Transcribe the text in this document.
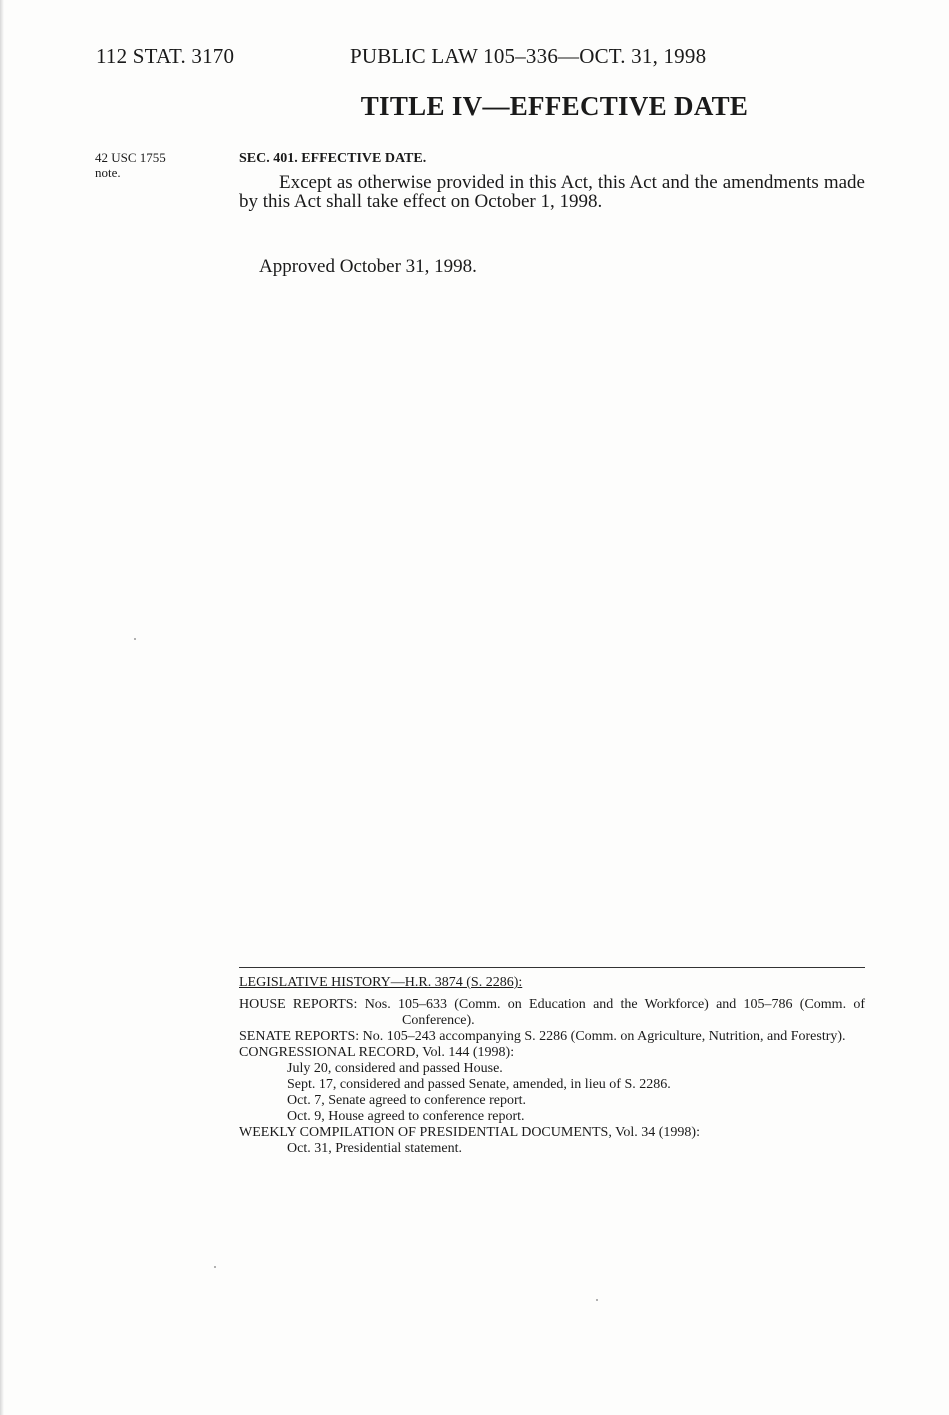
112 STAT. 3170	PUBLIC LAW 105–336—OCT. 31, 1998
TITLE IV—EFFECTIVE DATE
42 USC 1755
note.
SEC. 401. EFFECTIVE DATE.
Except as otherwise provided in this Act, this Act and the amendments made by this Act shall take effect on October 1, 1998.
Approved October 31, 1998.
LEGISLATIVE HISTORY—H.R. 3874 (S. 2286):
HOUSE REPORTS: Nos. 105–633 (Comm. on Education and the Workforce) and 105–786 (Comm. of Conference).
SENATE REPORTS: No. 105–243 accompanying S. 2286 (Comm. on Agriculture, Nutrition, and Forestry).
CONGRESSIONAL RECORD, Vol. 144 (1998):
July 20, considered and passed House.
Sept. 17, considered and passed Senate, amended, in lieu of S. 2286.
Oct. 7, Senate agreed to conference report.
Oct. 9, House agreed to conference report.
WEEKLY COMPILATION OF PRESIDENTIAL DOCUMENTS, Vol. 34 (1998):
Oct. 31, Presidential statement.
